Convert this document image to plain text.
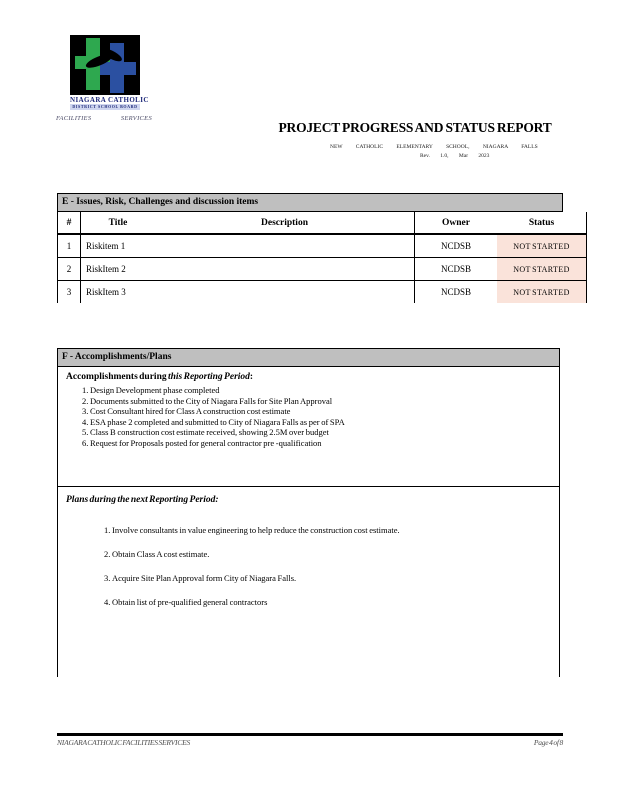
NIAGARA CATHOLIC
DISTRICT SCHOOL BOARD
FACILITIES	SERVICES
PROJECT PROGRESS AND STATUS REPORT
NEW CATHOLIC ELEMENTARY SCHOOL, NIAGARA FALLS
Rev. 1.0, Mar 2023
E - Issues, Risk, Challenges and discussion items
#	Title	Description	Owner	Status
1	Riskitem 1		NCDSB	NOT STARTED
2	RiskItem 2		NCDSB	NOT STARTED
3	RiskItem 3		NCDSB	NOT STARTED
F - Accomplishments/Plans
Accomplishments during this Reporting Period:
1. Design Development phase completed
2. Documents submitted to the City of Niagara Falls for Site Plan Approval
3. Cost Consultant hired for Class A construction cost estimate
4. ESA phase 2 completed and submitted to City of Niagara Falls as per of SPA
5. Class B construction cost estimate received, showing 2.5M over budget
6. Request for Proposals posted for general contractor pre -qualification
Plans during the next Reporting Period:
1. Involve consultants in value engineering to help reduce the construction cost estimate.
2. Obtain Class A cost estimate.
3. Acquire Site Plan Approval form City of Niagara Falls.
4. Obtain list of pre-qualified general contractors
NIAGARA CATHOLIC FACILITIES SERVICES	Page 4 of 8
